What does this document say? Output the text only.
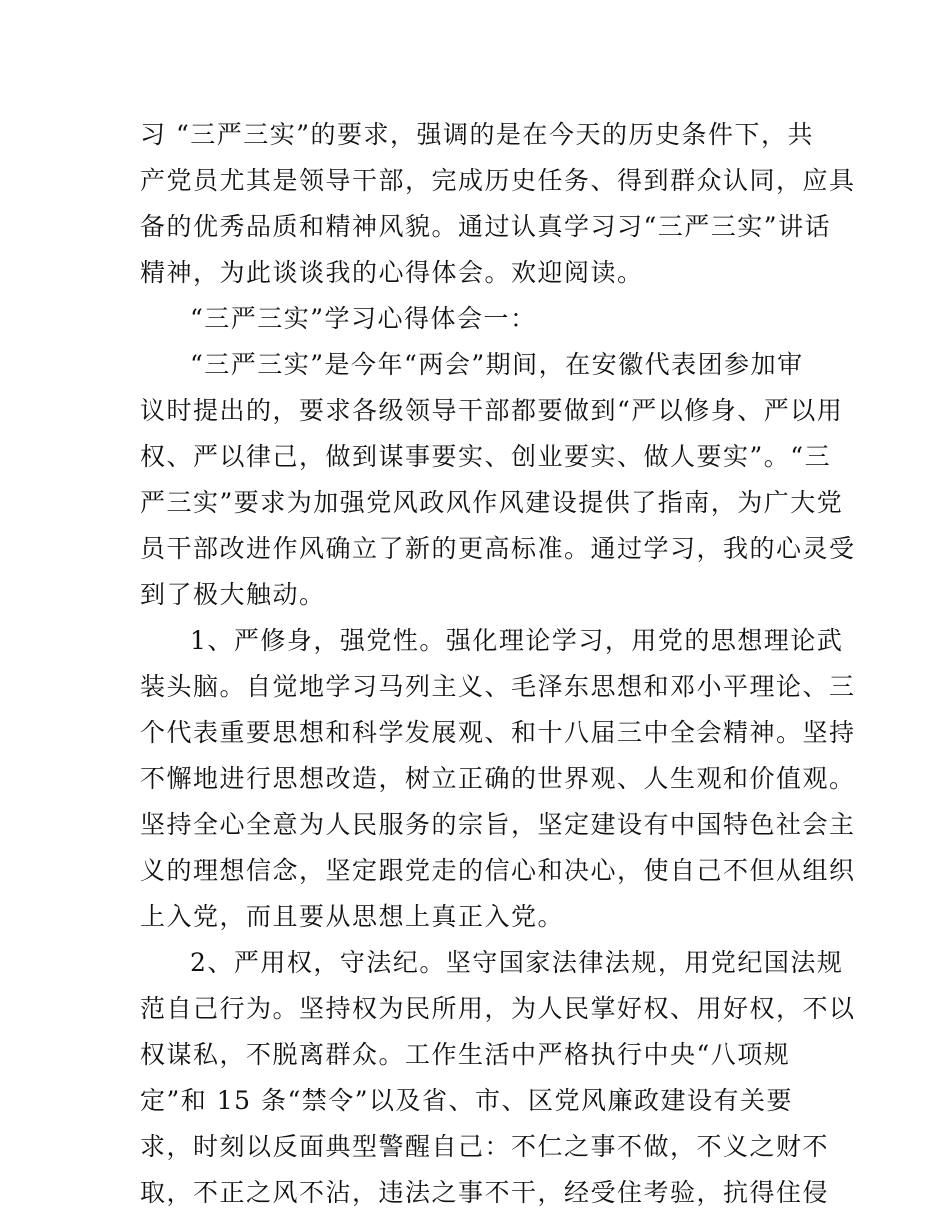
习 “三严三实”的要求，强调的是在今天的历史条件下，共
产党员尤其是领导干部，完成历史任务、得到群众认同，应具
备的优秀品质和精神风貌。通过认真学习习“三严三实”讲话
精神，为此谈谈我的心得体会。欢迎阅读。
“三严三实”学习心得体会一：
“三严三实”是今年“两会”期间，在安徽代表团参加审
议时提出的，要求各级领导干部都要做到“严以修身、严以用
权、严以律己，做到谋事要实、创业要实、做人要实”。“三
严三实”要求为加强党风政风作风建设提供了指南，为广大党
员干部改进作风确立了新的更高标准。通过学习，我的心灵受
到了极大触动。
1、严修身，强党性。强化理论学习，用党的思想理论武
装头脑。自觉地学习马列主义、毛泽东思想和邓小平理论、三
个代表重要思想和科学发展观、和十八届三中全会精神。坚持
不懈地进行思想改造，树立正确的世界观、人生观和价值观。
坚持全心全意为人民服务的宗旨，坚定建设有中国特色社会主
义的理想信念，坚定跟党走的信心和决心，使自己不但从组织
上入党，而且要从思想上真正入党。
2、严用权，守法纪。坚守国家法律法规，用党纪国法规
范自己行为。坚持权为民所用，为人民掌好权、用好权，不以
权谋私，不脱离群众。工作生活中严格执行中央“八项规
定”和 15 条“禁令”以及省、市、区党风廉政建设有关要
求，时刻以反面典型警醒自己：不仁之事不做，不义之财不
取，不正之风不沾，违法之事不干，经受住考验，抗得住侵
